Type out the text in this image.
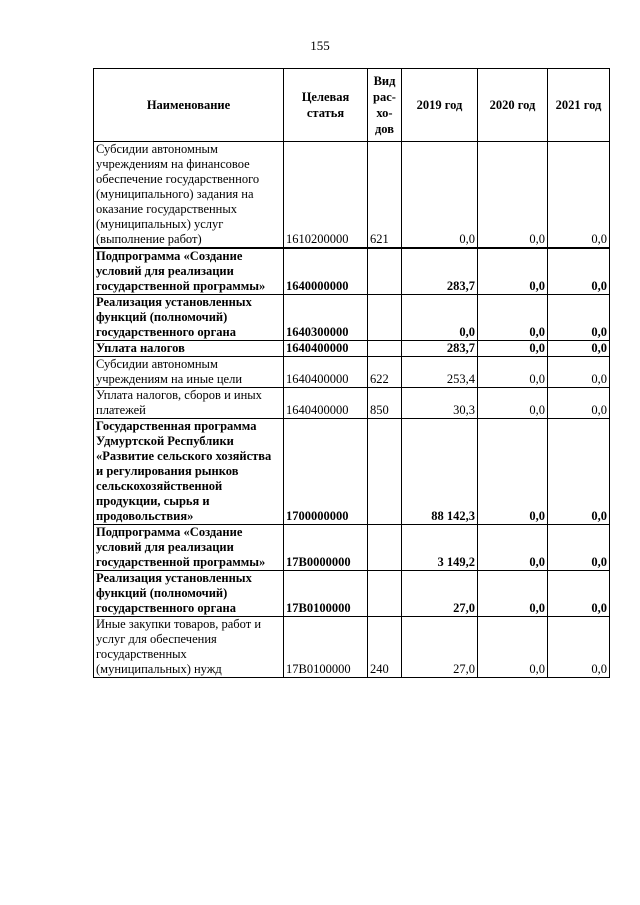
155
Наименование	Целевая статья	Вид рас-хо-дов	2019 год	2020 год	2021 год
Субсидии автономным учреждениям на финансовое обеспечение государственного (муниципального) задания на оказание государственных (муниципальных) услуг (выполнение работ)	1610200000	621	0,0	0,0	0,0
Подпрограмма «Создание условий для реализации государственной программы»	1640000000		283,7	0,0	0,0
Реализация установленных функций (полномочий) государственного органа	1640300000		0,0	0,0	0,0
Уплата налогов	1640400000		283,7	0,0	0,0
Субсидии автономным учреждениям на иные цели	1640400000	622	253,4	0,0	0,0
Уплата налогов, сборов и иных платежей	1640400000	850	30,3	0,0	0,0
Государственная программа Удмуртской Республики «Развитие сельского хозяйства и регулирования рынков сельскохозяйственной продукции, сырья и продовольствия»	1700000000		88 142,3	0,0	0,0
Подпрограмма «Создание условий для реализации государственной программы»	17В0000000		3 149,2	0,0	0,0
Реализация установленных функций (полномочий) государственного органа	17В0100000		27,0	0,0	0,0
Иные закупки товаров, работ и услуг для обеспечения государственных (муниципальных) нужд	17В0100000	240	27,0	0,0	0,0
